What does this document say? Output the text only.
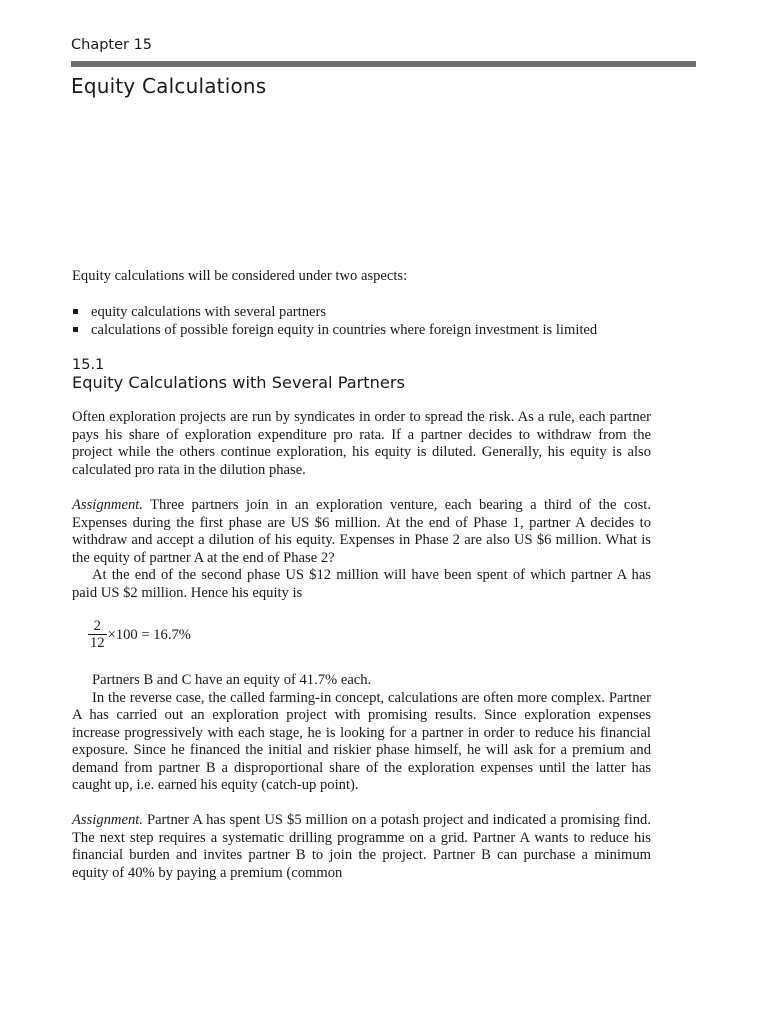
Chapter 15
Equity Calculations
Equity calculations will be considered under two aspects:
equity calculations with several partners
calculations of possible foreign equity in countries where foreign investment is limited
15.1
Equity Calculations with Several Partners

Often exploration projects are run by syndicates in order to spread the risk. As a rule, each partner pays his share of exploration expenditure pro rata. If a partner decides to withdraw from the project while the others continue exploration, his equity is diluted. Generally, his equity is also calculated pro rata in the dilution phase.

Assignment. Three partners join in an exploration venture, each bearing a third of the cost. Expenses during the first phase are US $6 million. At the end of Phase 1, partner A decides to withdraw and accept a dilution of his equity. Expenses in Phase 2 are also US $6 million. What is the equity of partner A at the end of Phase 2?

At the end of the second phase US $12 million will have been spent of which partner A has paid US $2 million. Hence his equity is

$\frac{2}{12} \times 100 = 16.7\%$

Partners B and C have an equity of 41.7% each.

In the reverse case, the called farming-in concept, calculations are often more complex. Partner A has carried out an exploration project with promising results. Since exploration expenses increase progressively with each stage, he is looking for a partner in order to reduce his financial exposure. Since he financed the initial and riskier phase himself, he will ask for a premium and demand from partner B a disproportional share of the exploration expenses until the latter has caught up, i.e. earned his equity (catch-up point).

Assignment. Partner A has spent US $5 million on a potash project and indicated a promising find. The next step requires a systematic drilling programme on a grid. Partner A wants to reduce his financial burden and invites partner B to join the project. Partner B can purchase a minimum equity of 40% by paying a premium (common
